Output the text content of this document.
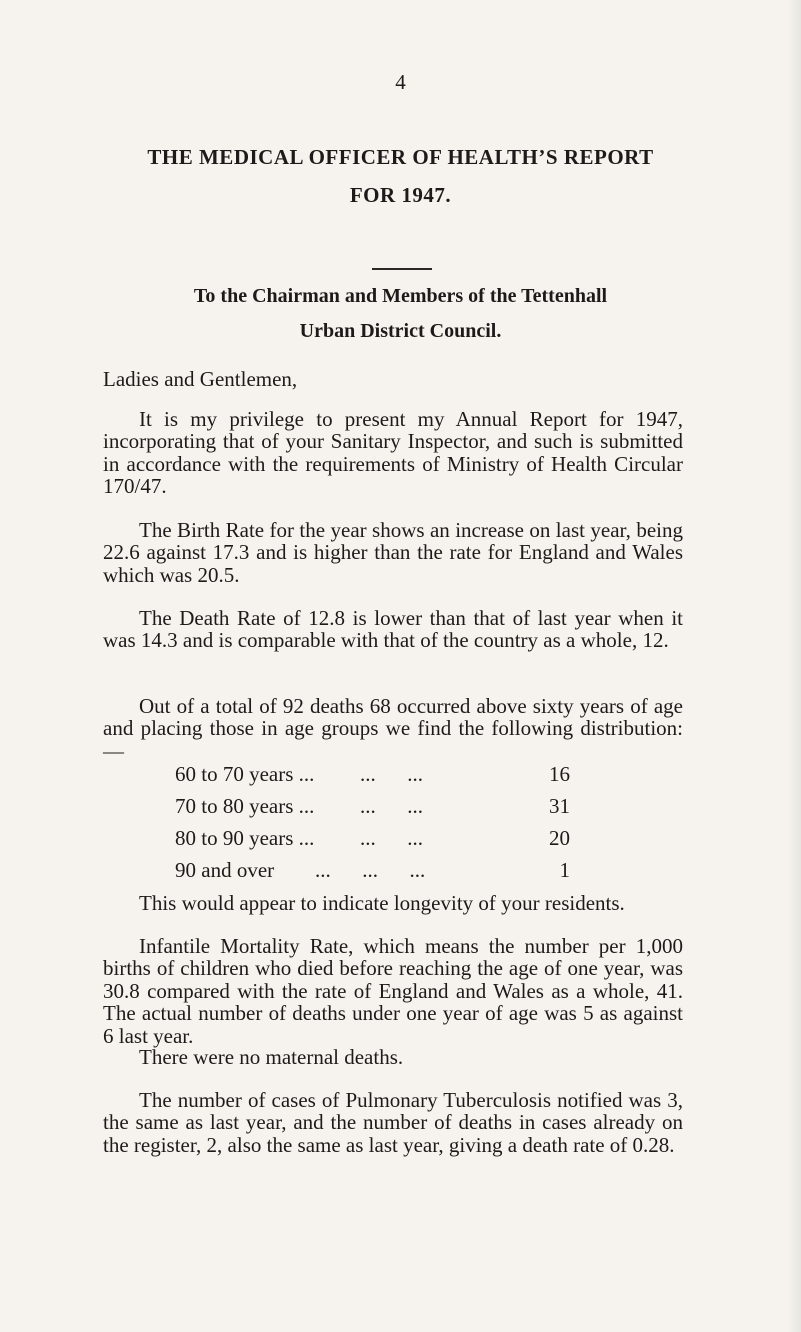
4
THE MEDICAL OFFICER OF HEALTH’S REPORT
FOR 1947.
To the Chairman and Members of the Tettenhall
Urban District Council.
Ladies and Gentlemen,
It is my privilege to present my Annual Report for 1947, incorporating that of your Sanitary Inspector, and such is submitted in accordance with the requirements of Ministry of Health Circular 170/47.
The Birth Rate for the year shows an increase on last year, being 22.6 against 17.3 and is higher than the rate for England and Wales which was 20.5.
The Death Rate of 12.8 is lower than that of last year when it was 14.3 and is comparable with that of the country as a whole, 12.
Out of a total of 92 deaths 68 occurred above sixty years of age and placing those in age groups we find the following distribution:—
60 to 70 years ... ...      ...	16
70 to 80 years ... ...      ...	31
80 to 90 years ... ...      ...	20
90 and over ...      ...      ...	1
This would appear to indicate longevity of your residents.
Infantile Mortality Rate, which means the number per 1,000 births of children who died before reaching the age of one year, was 30.8 compared with the rate of England and Wales as a whole, 41. The actual number of deaths under one year of age was 5 as against 6 last year.
There were no maternal deaths.
The number of cases of Pulmonary Tuberculosis notified was 3, the same as last year, and the number of deaths in cases already on the register, 2, also the same as last year, giving a death rate of 0.28.
